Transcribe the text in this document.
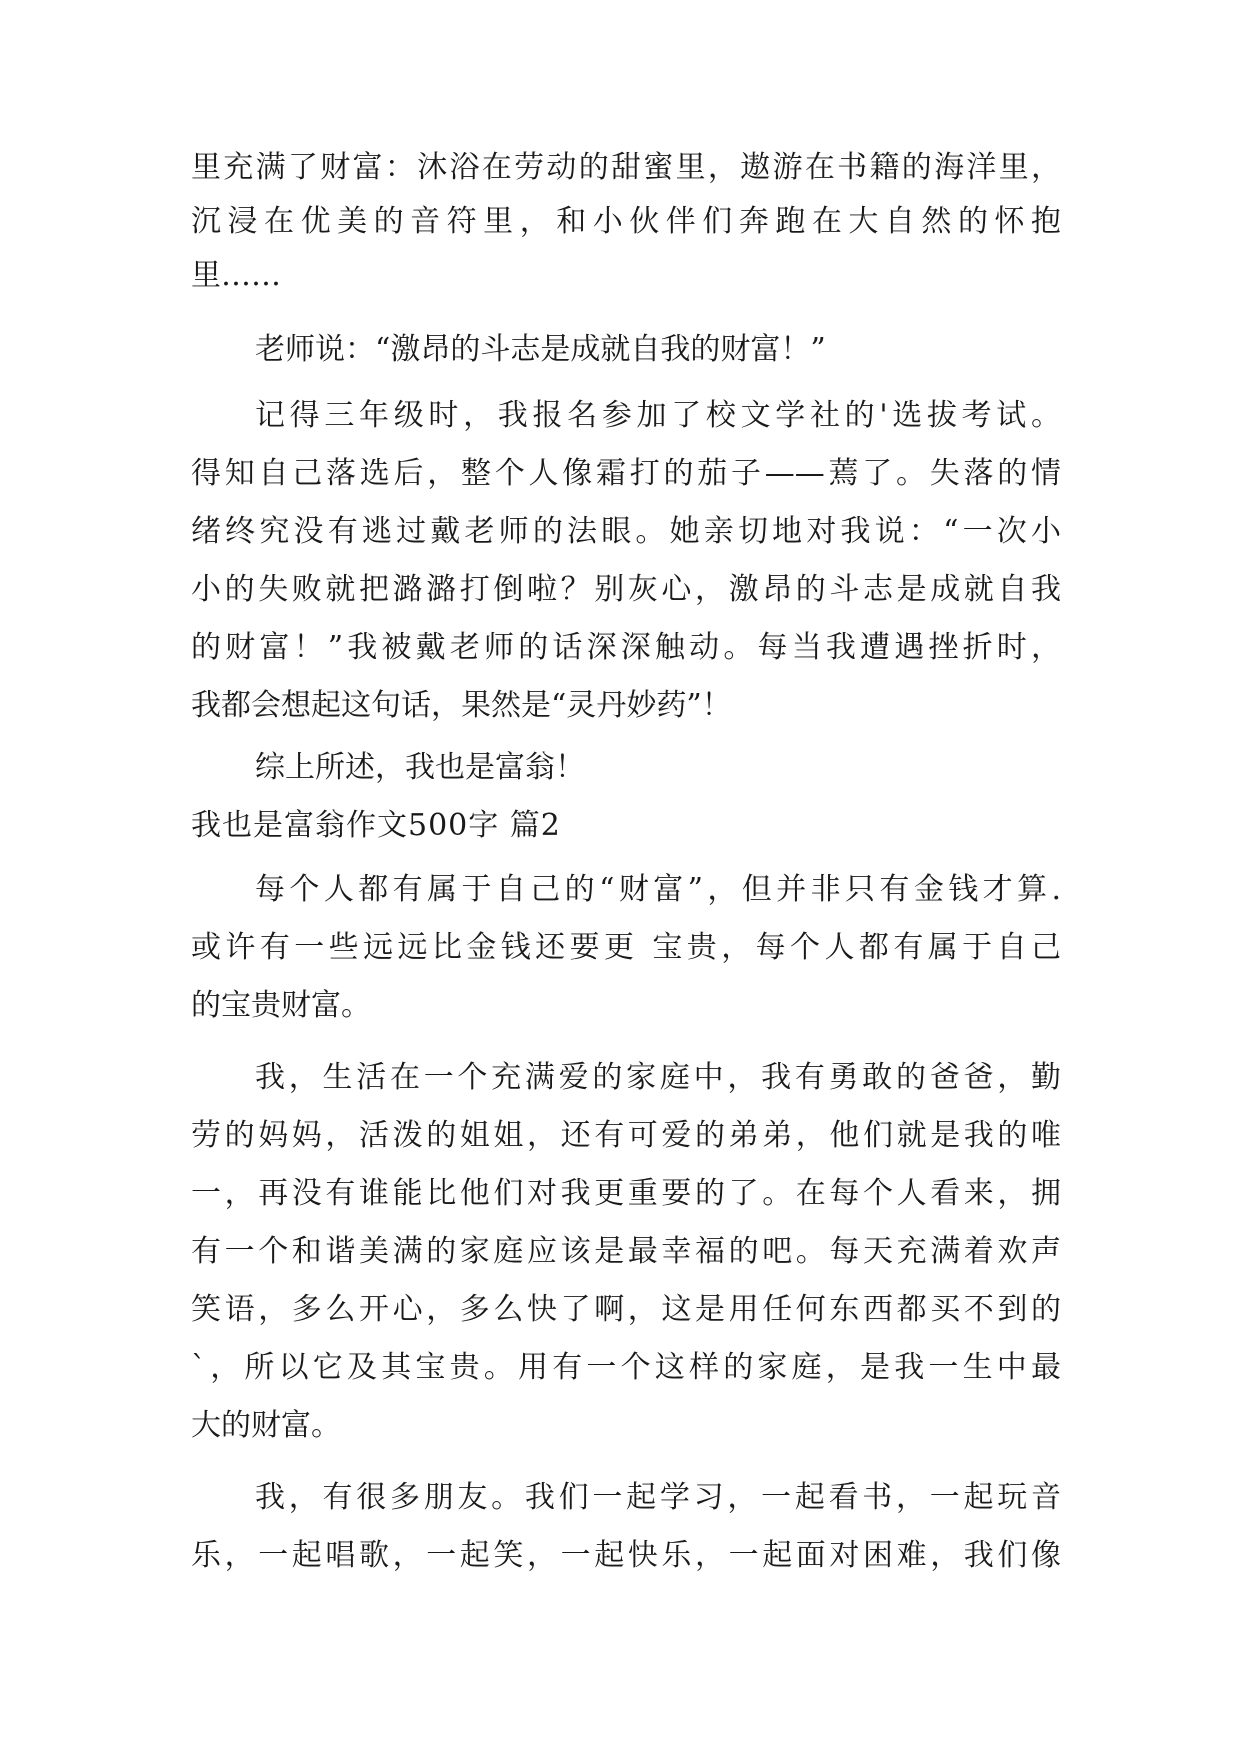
里充满了财富：沐浴在劳动的甜蜜里，遨游在书籍的海洋里，
沉浸在优美的音符里，和小伙伴们奔跑在大自然的怀抱
里……
老师说：“激昂的斗志是成就自我的财富！”
记得三年级时，我报名参加了校文学社的'选拔考试。
得知自己落选后，整个人像霜打的茄子——蔫了。失落的情
绪终究没有逃过戴老师的法眼。她亲切地对我说：“一次小
小的失败就把潞潞打倒啦？别灰心，激昂的斗志是成就自我
的财富！”我被戴老师的话深深触动。每当我遭遇挫折时，
我都会想起这句话，果然是“灵丹妙药”！
综上所述，我也是富翁！
我也是富翁作文500字 篇2
每个人都有属于自己的“财富”，但并非只有金钱才算.
或许有一些远远比金钱还要更 宝贵，每个人都有属于自己
的宝贵财富。
我，生活在一个充满爱的家庭中，我有勇敢的爸爸，勤
劳的妈妈，活泼的姐姐，还有可爱的弟弟，他们就是我的唯
一，再没有谁能比他们对我更重要的了。在每个人看来，拥
有一个和谐美满的家庭应该是最幸福的吧。每天充满着欢声
笑语，多么开心，多么快了啊，这是用任何东西都买不到的
`，所以它及其宝贵。用有一个这样的家庭，是我一生中最
大的财富。
我，有很多朋友。我们一起学习，一起看书，一起玩音
乐，一起唱歌，一起笑，一起快乐，一起面对困难，我们像
